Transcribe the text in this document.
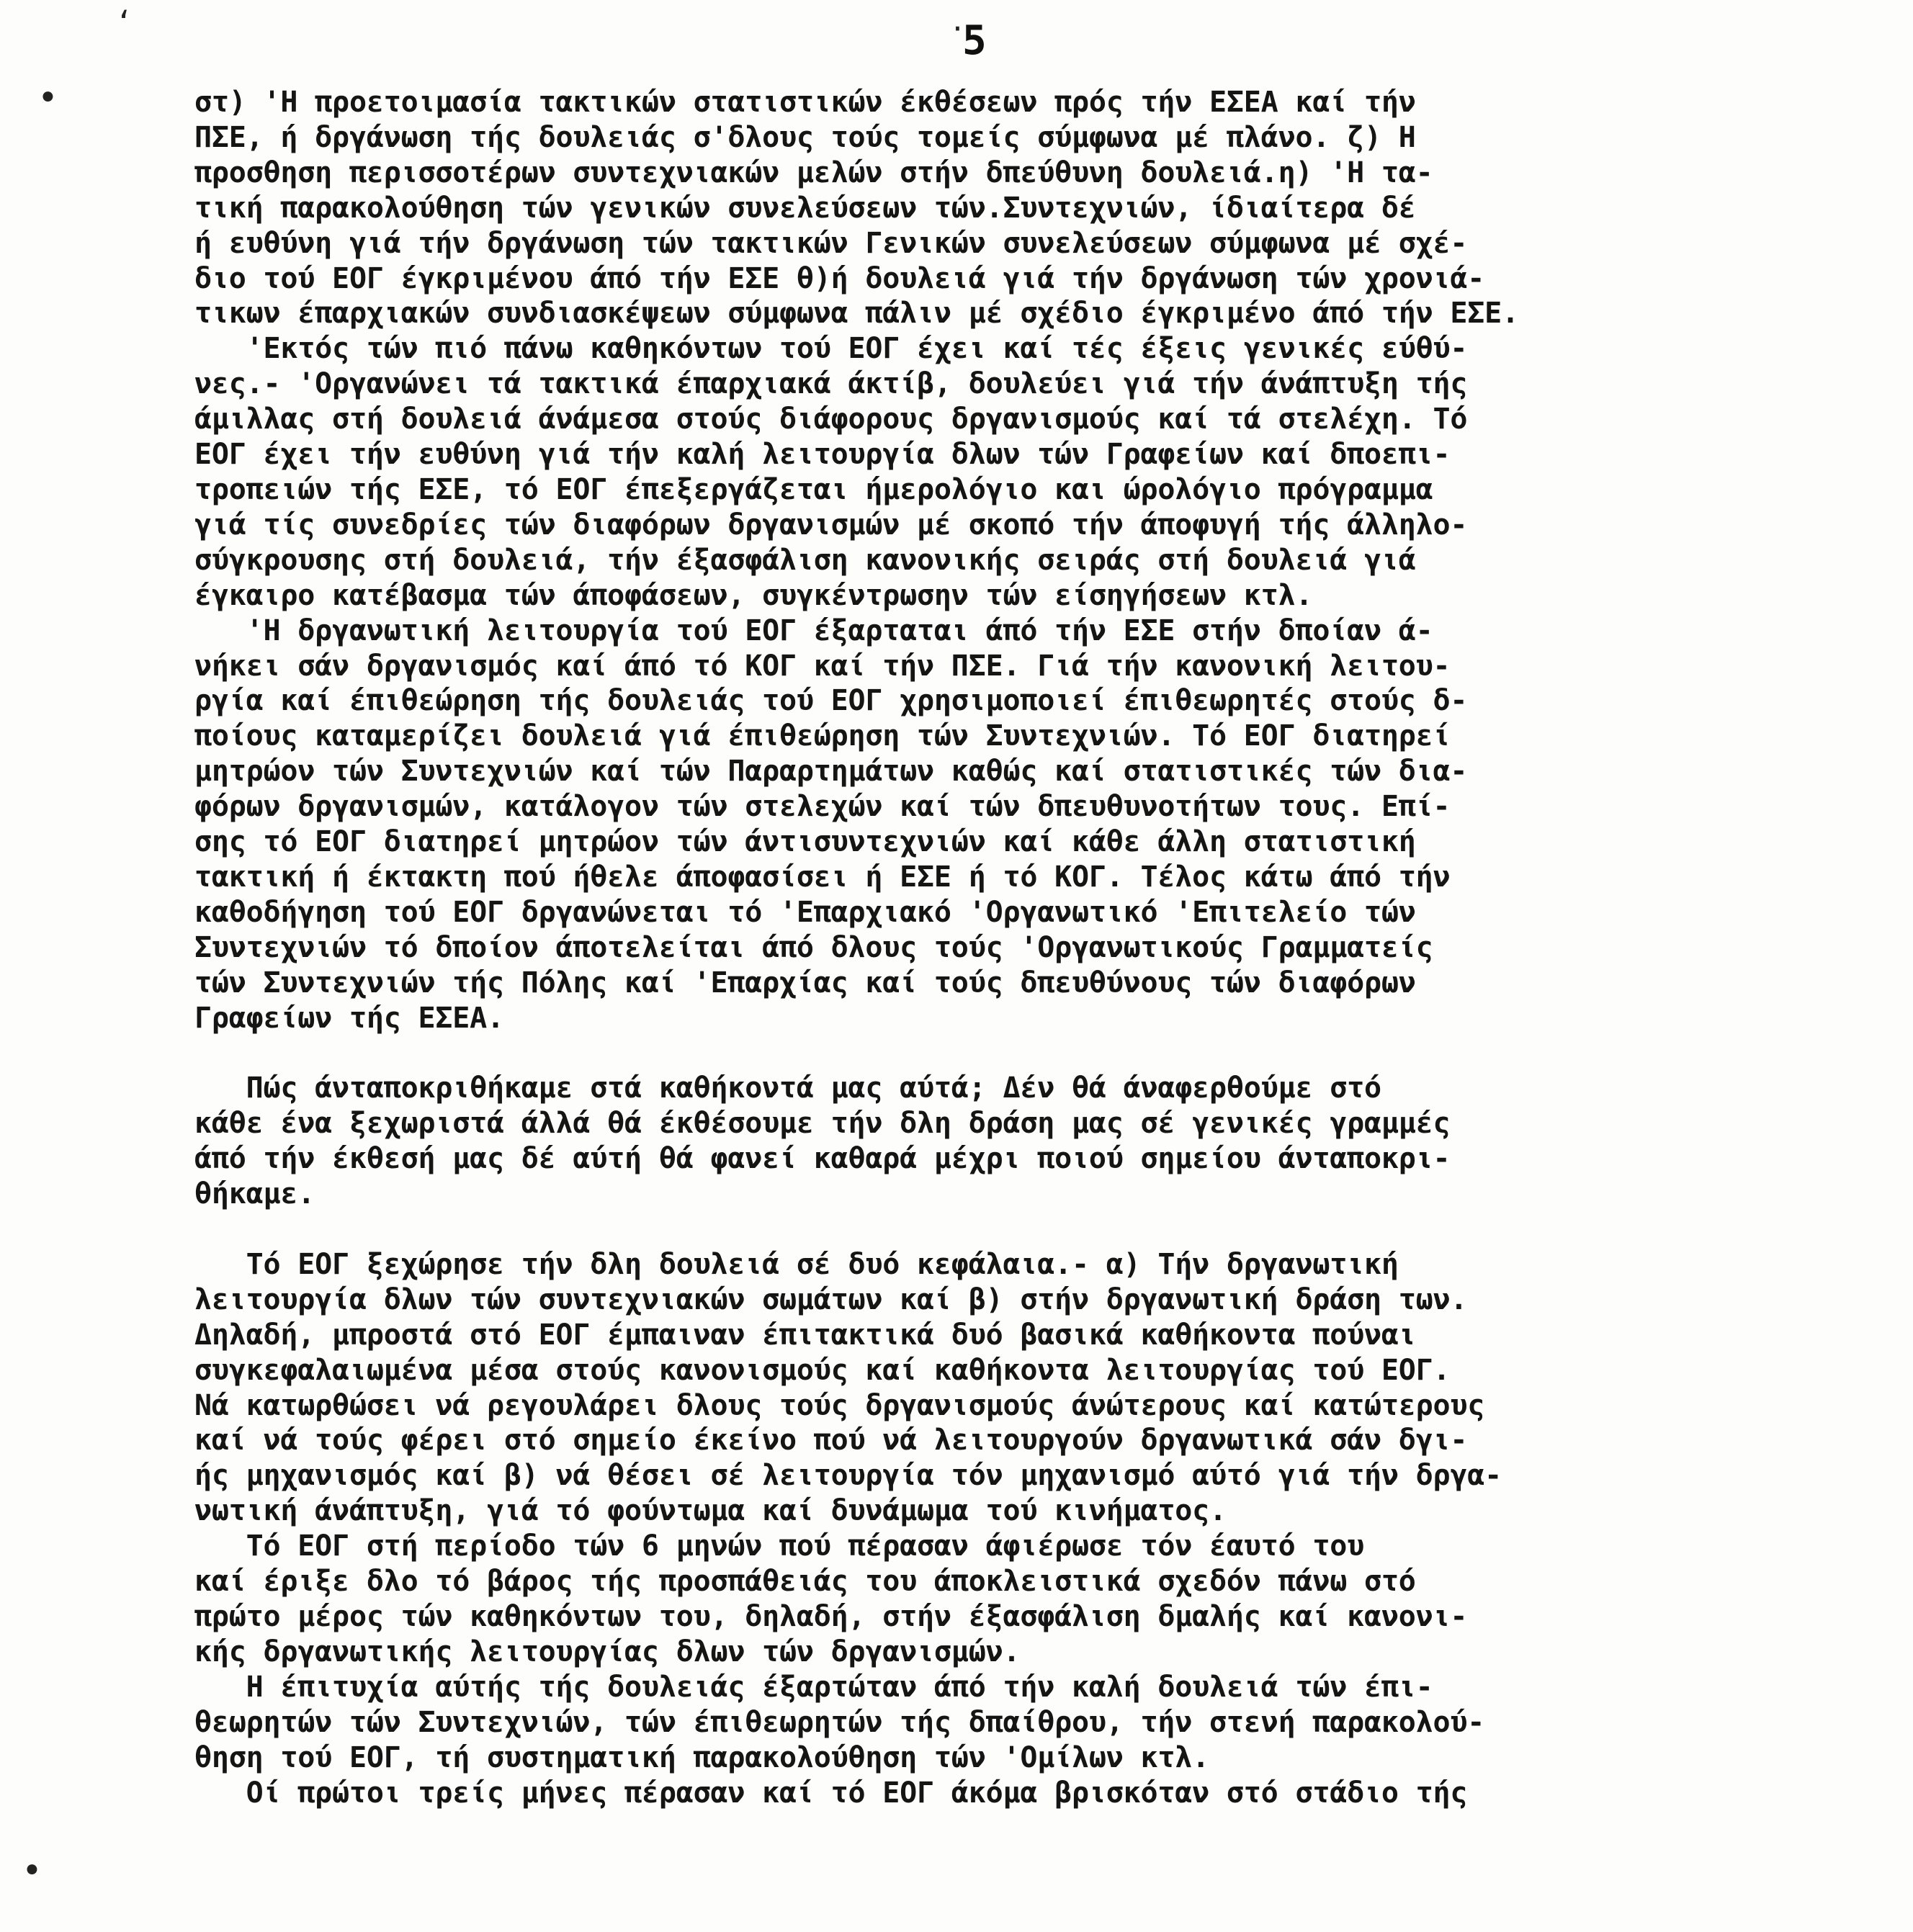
‘
•
•
·
5
στ) 'Η προετοιμασία τακτικών στατιστικών έκθέσεων πρός τήν ΕΣΕΑ καί τήν
ΠΣΕ, ή δργάνωση τής δουλειάς σ'δλους τούς τομείς σύμφωνα μέ πλάνο. ζ) Η
προσθηση περισσοτέρων συντεχνιακών μελών στήν δπεύθυνη δουλειά.η) 'Η τα-
τική παρακολούθηση τών γενικών συνελεύσεων τών.Συντεχνιών, ίδιαίτερα δέ
ή ευθύνη γιά τήν δργάνωση τών τακτικών Γενικών συνελεύσεων σύμφωνα μέ σχέ-
διο τού ΕΟΓ έγκριμένου άπό τήν ΕΣΕ θ)ή δουλειά γιά τήν δργάνωση τών χρονιά-
τικων έπαρχιακών συνδιασκέψεων σύμφωνα πάλιν μέ σχέδιο έγκριμένο άπό τήν ΕΣΕ.
'Εκτός τών πιό πάνω καθηκόντων τού ΕΟΓ έχει καί τές έξεις γενικές εύθύ-
νες.- 'Οργανώνει τά τακτικά έπαρχιακά άκτίβ, δουλεύει γιά τήν άνάπτυξη τής
άμιλλας στή δουλειά άνάμεσα στούς διάφορους δργανισμούς καί τά στελέχη. Τό
ΕΟΓ έχει τήν ευθύνη γιά τήν καλή λειτουργία δλων τών Γραφείων καί δποεπι-
τροπειών τής ΕΣΕ, τό ΕΟΓ έπεξεργάζεται ήμερολόγιο και ώρολόγιο πρόγραμμα
γιά τίς συνεδρίες τών διαφόρων δργανισμών μέ σκοπό τήν άποφυγή τής άλληλο-
σύγκρουσης στή δουλειά, τήν έξασφάλιση κανονικής σειράς στή δουλειά γιά
έγκαιρο κατέβασμα τών άποφάσεων, συγκέντρωσην τών είσηγήσεων κτλ.
'Η δργανωτική λειτουργία τού ΕΟΓ έξαρταται άπό τήν ΕΣΕ στήν δποίαν ά-
νήκει σάν δργανισμός καί άπό τό ΚΟΓ καί τήν ΠΣΕ. Γιά τήν κανονική λειτου-
ργία καί έπιθεώρηση τής δουλειάς τού ΕΟΓ χρησιμοποιεί έπιθεωρητές στούς δ-
ποίους καταμερίζει δουλειά γιά έπιθεώρηση τών Συντεχνιών. Τό ΕΟΓ διατηρεί
μητρώον τών Συντεχνιών καί τών Παραρτημάτων καθώς καί στατιστικές τών δια-
φόρων δργανισμών, κατάλογον τών στελεχών καί τών δπευθυνοτήτων τους. Επί-
σης τό ΕΟΓ διατηρεί μητρώον τών άντισυντεχνιών καί κάθε άλλη στατιστική
τακτική ή έκτακτη πού ήθελε άποφασίσει ή ΕΣΕ ή τό ΚΟΓ. Τέλος κάτω άπό τήν
καθοδήγηση τού ΕΟΓ δργανώνεται τό 'Επαρχιακό 'Οργανωτικό 'Επιτελείο τών
Συντεχνιών τό δποίον άποτελείται άπό δλους τούς 'Οργανωτικούς Γραμματείς
τών Συντεχνιών τής Πόλης καί 'Επαρχίας καί τούς δπευθύνους τών διαφόρων
Γραφείων τής ΕΣΕΑ.

Πώς άνταποκριθήκαμε στά καθήκοντά μας αύτά; Δέν θά άναφερθούμε στό
κάθε ένα ξεχωριστά άλλά θά έκθέσουμε τήν δλη δράση μας σέ γενικές γραμμές
άπό τήν έκθεσή μας δέ αύτή θά φανεί καθαρά μέχρι ποιού σημείου άνταποκρι-
θήκαμε.

Τό ΕΟΓ ξεχώρησε τήν δλη δουλειά σέ δυό κεφάλαια.- α) Τήν δργανωτική
λειτουργία δλων τών συντεχνιακών σωμάτων καί β) στήν δργανωτική δράση των.
Δηλαδή, μπροστά στό ΕΟΓ έμπαιναν έπιτακτικά δυό βασικά καθήκοντα πούναι
συγκεφαλαιωμένα μέσα στούς κανονισμούς καί καθήκοντα λειτουργίας τού ΕΟΓ.
Νά κατωρθώσει νά ρεγουλάρει δλους τούς δργανισμούς άνώτερους καί κατώτερους
καί νά τούς φέρει στό σημείο έκείνο πού νά λειτουργούν δργανωτικά σάν δγι-
ής μηχανισμός καί β) νά θέσει σέ λειτουργία τόν μηχανισμό αύτό γιά τήν δργα-
νωτική άνάπτυξη, γιά τό φούντωμα καί δυνάμωμα τού κινήματος.
Τό ΕΟΓ στή περίοδο τών 6 μηνών πού πέρασαν άφιέρωσε τόν έαυτό του
καί έριξε δλο τό βάρος τής προσπάθειάς του άποκλειστικά σχεδόν πάνω στό
πρώτο μέρος τών καθηκόντων του, δηλαδή, στήν έξασφάλιση δμαλής καί κανονι-
κής δργανωτικής λειτουργίας δλων τών δργανισμών.
Η έπιτυχία αύτής τής δουλειάς έξαρτώταν άπό τήν καλή δουλειά τών έπι-
θεωρητών τών Συντεχνιών, τών έπιθεωρητών τής δπαίθρου, τήν στενή παρακολού-
θηση τού ΕΟΓ, τή συστηματική παρακολούθηση τών 'Ομίλων κτλ.
Οί πρώτοι τρείς μήνες πέρασαν καί τό ΕΟΓ άκόμα βρισκόταν στό στάδιο τής
